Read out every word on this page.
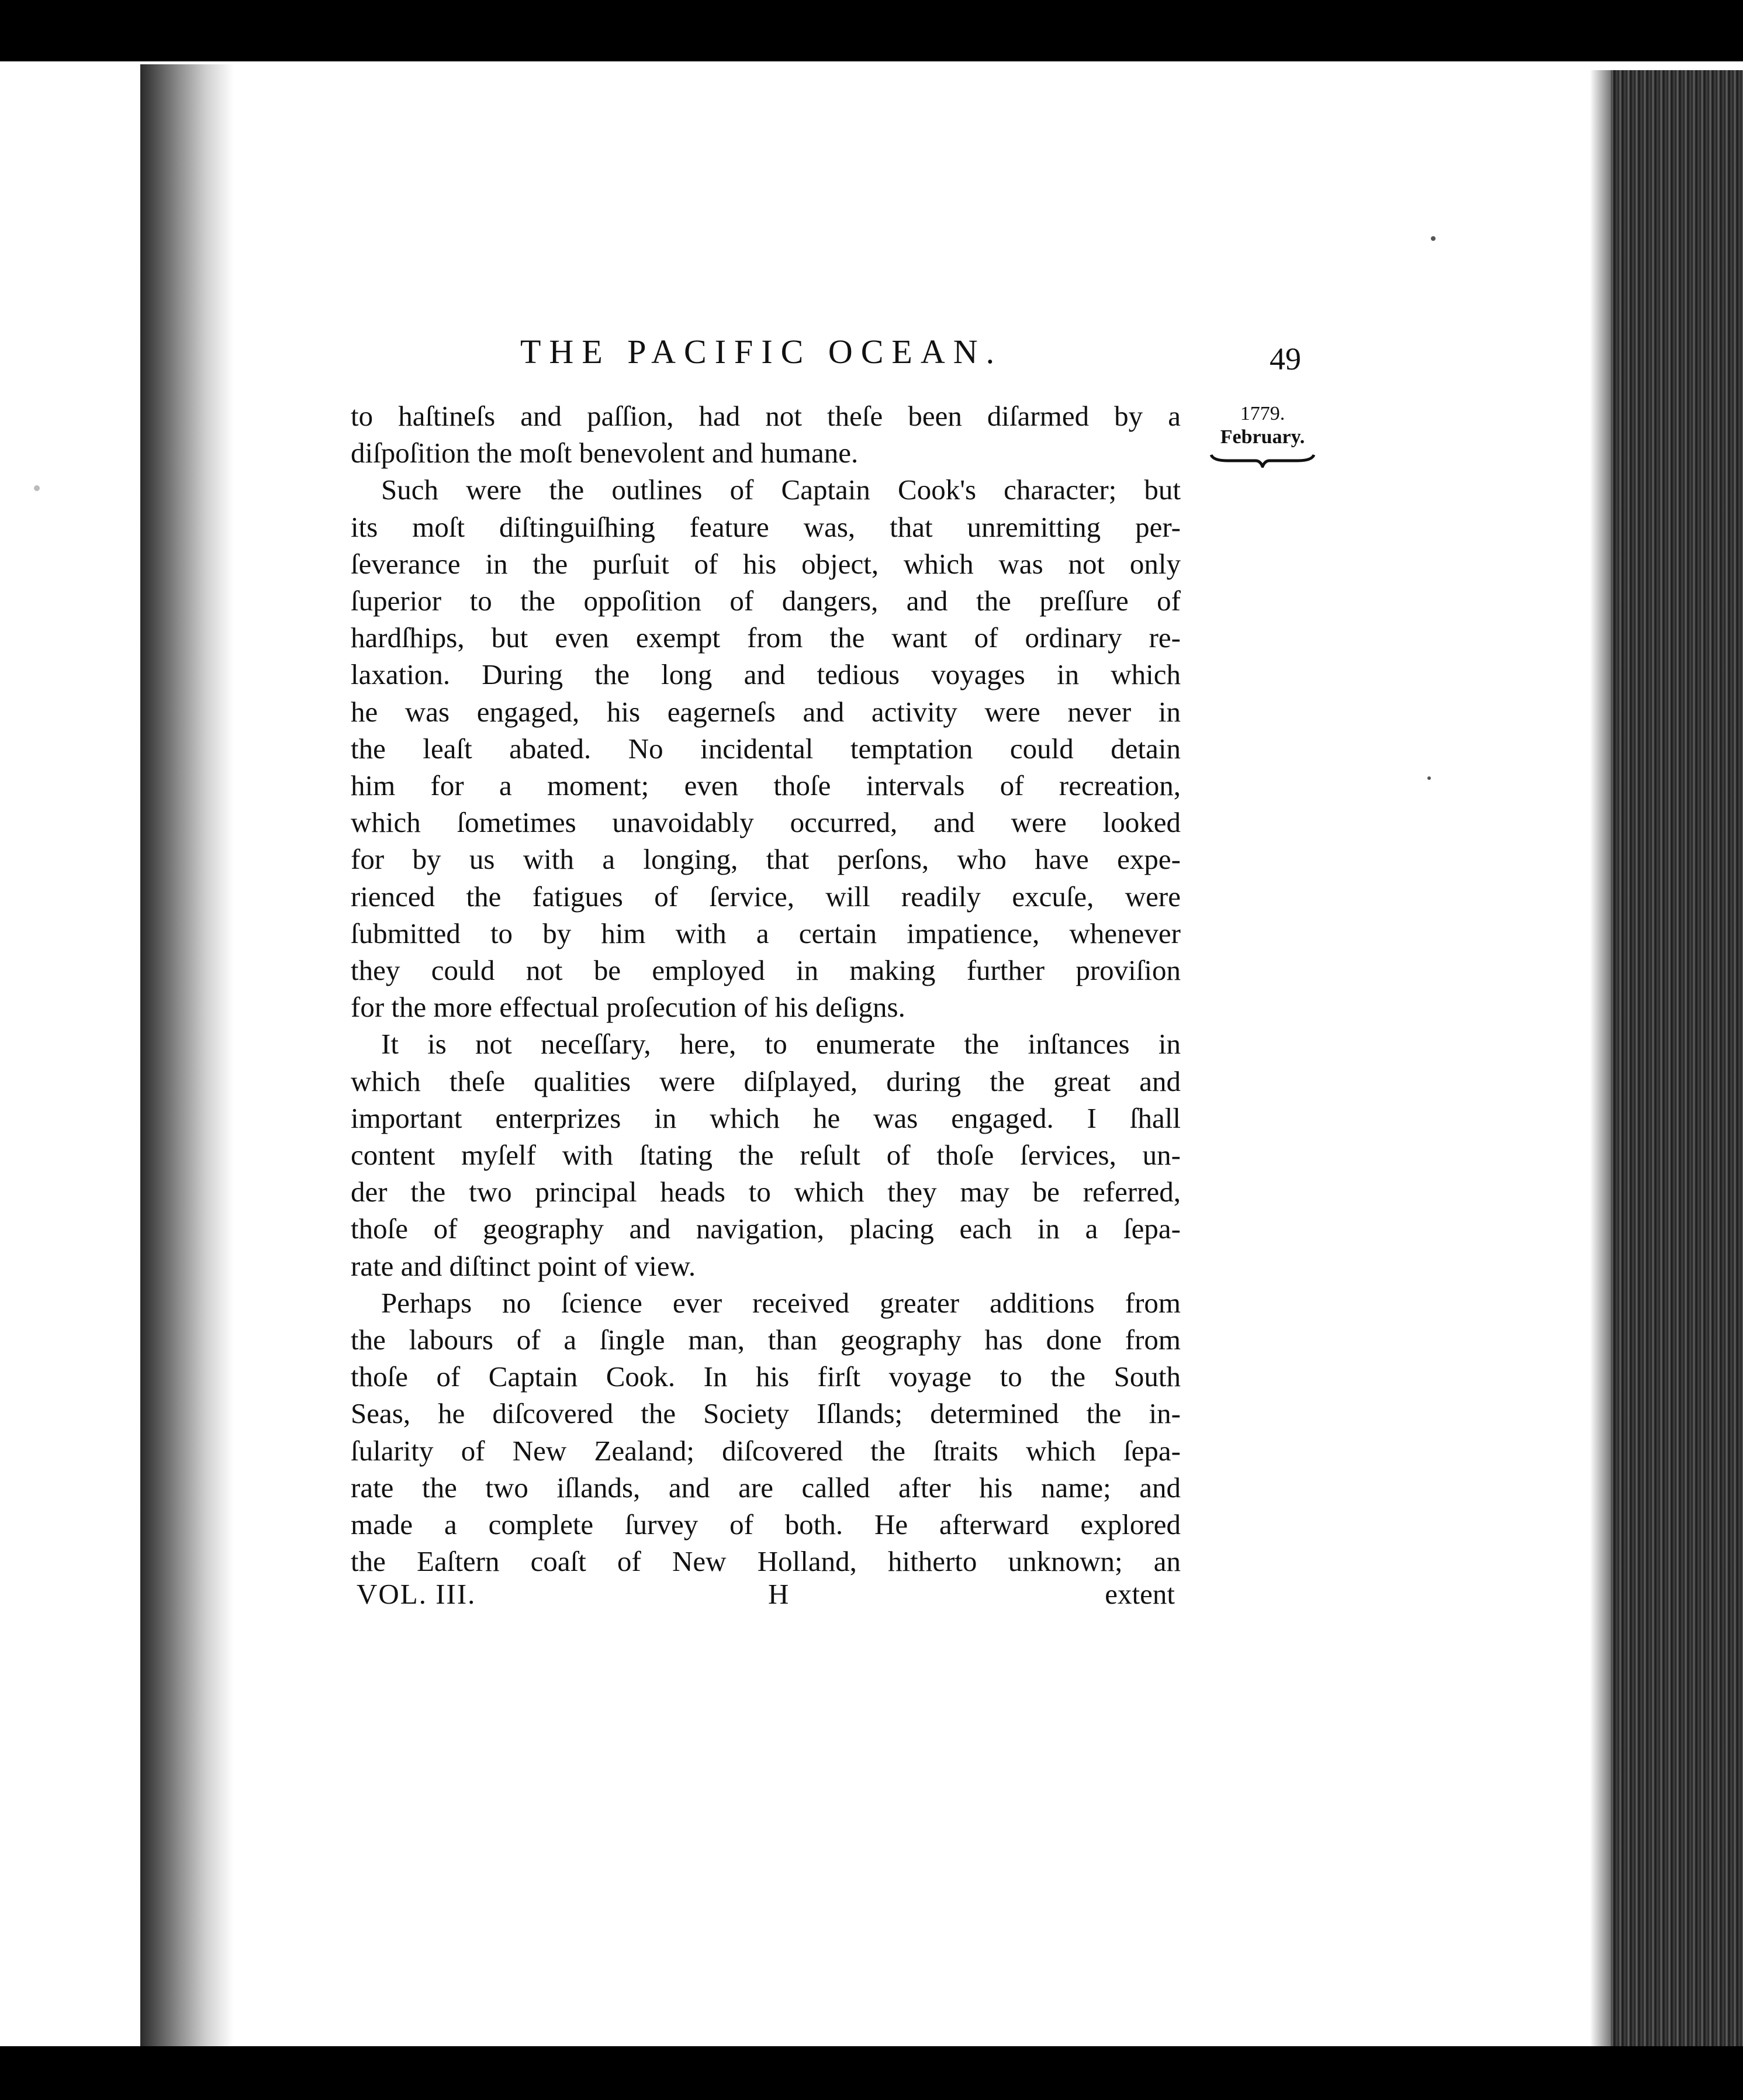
THE PACIFIC OCEAN.	49
1779.
February.
to haſtineſs and paſſion, had not theſe been diſarmed by a
diſpoſition the moſt benevolent and humane.
Such were the outlines of Captain Cook's character; but
its moſt diſtinguiſhing feature was, that unremitting per-
ſeverance in the purſuit of his object, which was not only
ſuperior to the oppoſition of dangers, and the preſſure of
hardſhips, but even exempt from the want of ordinary re-
laxation. During the long and tedious voyages in which
he was engaged, his eagerneſs and activity were never in
the leaſt abated. No incidental temptation could detain
him for a moment; even thoſe intervals of recreation,
which ſometimes unavoidably occurred, and were looked
for by us with a longing, that perſons, who have expe-
rienced the fatigues of ſervice, will readily excuſe, were
ſubmitted to by him with a certain impatience, whenever
they could not be employed in making further proviſion
for the more effectual proſecution of his deſigns.
It is not neceſſary, here, to enumerate the inſtances in
which theſe qualities were diſplayed, during the great and
important enterprizes in which he was engaged. I ſhall
content myſelf with ſtating the reſult of thoſe ſervices, un-
der the two principal heads to which they may be referred,
thoſe of geography and navigation, placing each in a ſepa-
rate and diſtinct point of view.
Perhaps no ſcience ever received greater additions from
the labours of a ſingle man, than geography has done from
thoſe of Captain Cook. In his firſt voyage to the South
Seas, he diſcovered the Society Iſlands; determined the in-
ſularity of New Zealand; diſcovered the ſtraits which ſepa-
rate the two iſlands, and are called after his name; and
made a complete ſurvey of both. He afterward explored
the Eaſtern coaſt of New Holland, hitherto unknown; an
VOL. III.	H	extent
